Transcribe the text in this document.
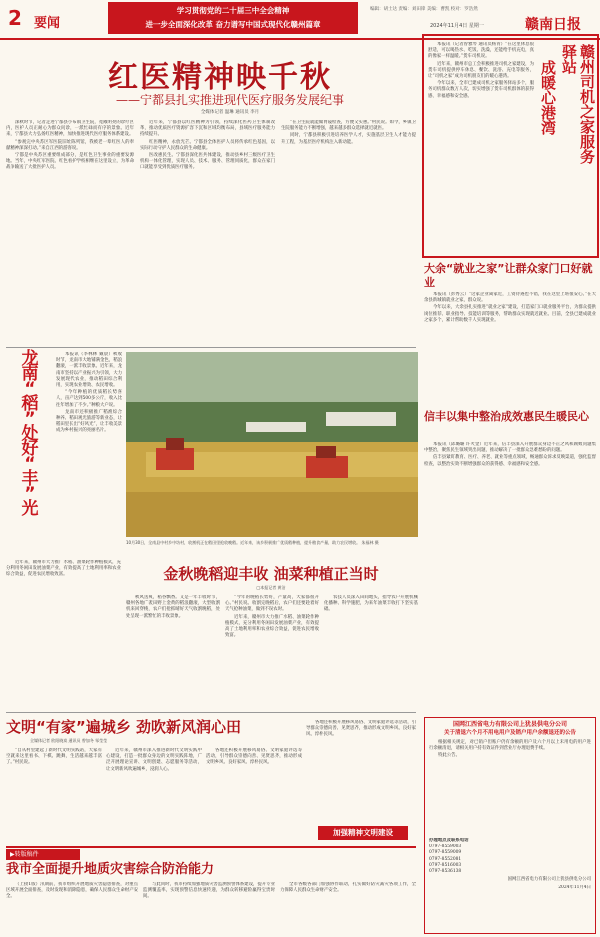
2 要闻
学习贯彻党的二十届三中全会精神
进一步全面深化改革 奋力谱写中国式现代化赣州篇章
编辑：胡士达 责编：刘田锋 美编：曹凯 校对：罗浩然
2024年11月4日 星期一	赣南日报
红医精神映千秋
——宁都县扎实推进现代医疗服务发展纪事
全媒体记者 温琳 通讯员 李月

深秋时节，记者走进宁都县小布镇卫生院，宽敞明亮的诊疗区内，医护人员正耐心为群众问诊，一派忙碌而有序的景象。近年来，宁都县大力弘扬红医精神，加快推进现代医疗服务体系建设。

“参观完中央苏区军医院旧址陈列馆，我被老一辈红医人的奉献精神深深打动。”来自江西的游客说。

宁都是中央苏区重要组成部分，是红色卫生事业的重要发源地。当年，中央红军医院、红色看护学校相继在这里设立，为革命战争输送了大批医护人员。

近年来，宁都县以红医精神为引领，持续深化医药卫生体制改革，推动优质医疗资源扩容下沉和区域均衡布局，县域医疗服务能力持续提升。

红医精神，永放光芒。宁都县全体医护人员将传承红色基因，以实际行动守护人民群众的生命健康。

医改惠民生。宁都县深化医共体建设，推动县乡村三级医疗卫生机构一体化管理，实现人员、技术、服务、管理同质化，群众在家门口就能享受到优质医疗服务。

“在卫生院就能做胃镜检查，方便又实惠。”村民说。如今，乡镇卫生院服务能力不断增强，越来越多群众选择就近就医。

同时，宁都县积极引进培养医学人才，实施基层卫生人才能力提升工程，为基层医疗机构注入新动能。	赣州司机之家服务驿站
成暖心港湾

本报讯（记者曾雅琴 通讯员杨青）“在这里休息很舒适，可以喝热水、吃饭、洗澡，还能给手机充电，真的像家一样温暖。”货车司机说。

近年来，赣州市总工会积极推进司机之家建设，为货车司机提供停车休息、餐饮、洗浴、充电等服务，让“司机之家”成为司机朋友们的暖心港湾。

今年以来，全市已建成司机之家服务驿站多个，服务司机群众数万人次，切实增强了货车司机群体的获得感、幸福感和安全感。

大余“就业之家”让群众家门口好就业

本报讯（彭秀云）“这家企业离家近，工资待遇也不错，我在这里上班很安心。”在大余县新城镇就业之家，群众说。

今年以来，大余县扎实推进“就业之家”建设，打造家门口就业服务平台，为群众提供岗位推荐、职业指导、技能培训等服务，帮助群众实现就近就业。目前，全县已建成就业之家多个，累计帮助数千人实现就业。

信丰以集中整治成效惠民生暖民心

本报讯（邱璐璐 许火金）近年来，信丰县深入开展群众身边不正之风和腐败问题集中整治，聚焦民生领域突出问题，推动解决了一批群众急难愁盼的问题。

信丰县紧盯教育、医疗、养老、就业等重点领域，畅通群众诉求反映渠道，强化监督检查，以整治实效不断增强群众的获得感、幸福感和安全感。

龙
南
“
稻
”
处
好
“
丰
”
光

本报讯（李林林 戴晨）秋收时节，龙南市大地铺满金色，稻浪翻滚，一派丰收景象。近年来，龙南市坚持以产业振兴为引领，大力发展现代农业，推动稻田综合利用，实现农业增效、农民增收。

“今年种植的优质稻长势喜人，亩产达到500多公斤，收入比往年增加了不少。”种粮大户说。

龙南市还积极推广稻渔综合种养、稻田观光旅游等新业态，让稻田里长出“好风光”，让丰收美景成为乡村振兴的亮丽名片。

10月30日，全南县中村乡中坊村，收割机正在稻田里抢收晚稻。近年来，该乡积极推广优质稻种植，提升粮食产量，助力农民增收。 朱福林 摄
金秋晚稻迎丰收 油菜种植正当时
□本报记者 黄洁

秋风送爽，稻谷飘香。又是一年丰收时节，赣州各地广袤田野上金黄的稻浪翻滚，大型收割机来回穿梭，农户们抢抓晴好天气收割晚稻，处处呈现一派繁忙的丰收景象。

“今年的晚稻长势好，产量高，大家都很开心。”村民说。收割完晚稻后，农户们还要趁着好天气抢种油菜，做到不误农时。

近年来，赣州市大力推广水稻、油菜轮作种植模式，充分利用冬闲田发展油菜产业，有效提高了土地利用率和农业综合效益，促进农民增收致富。

农技人员深入田间地头，指导农户开展机械化播种、科学施肥，为来年油菜丰收打下坚实基础。

近年来，赣州市大力推广水稻、油菜轮作种植模式，充分利用冬闲田发展油菜产业，有效提高了土地利用率和农业综合效益，促进农民增收致富。

文明“有家”遍城乡 劲吹新风润心田
全媒体记者 欧阳晓岚 通讯员 曾加冬 邹莹莹

“自从村里建起了新时代文明实践站，大家有空就来这里看书、下棋、跳舞，生活越来越丰富了。”村民说。

近年来，赣州市深入推进新时代文明实践中心建设，打造一批群众身边的文明实践阵地，广泛开展理论宣讲、文明创建、志愿服务等活动，让文明新风吹遍城乡，浸润人心。

各地还积极开展移风易俗、文明家庭评选等活动，引导群众崇德向善、见贤思齐，推动形成文明乡风、良好家风、淳朴民风。

各地还积极开展移风易俗、文明家庭评选等活动，引导群众崇德向善、见贤思齐，推动形成文明乡风、良好家风、淳朴民风。

加强精神文明建设
▶转版稿件
我市全面提升地质灾害综合防治能力

（上接1版）汛期前，我市组织开展地质灾害隐患排查，对重点区域开展全面排查，及时发现和消除隐患，确保人民群众生命财产安全。

与此同时，我市持续加强地质灾害监测预警体系建设，提升专业监测覆盖率，实现预警信息快速传递，为群众转移避险赢得宝贵时间。

全市各级各部门加强协作联动，扎实做好防灾减灾各项工作，全力保障人民群众生命财产安全。

国网江西省电力有限公司上犹县供电分公司
关于清退六个月不用电用户及销户用户余额退还的公告

根据相关规定，对已销户但账户仍有余额的用户及六个月以上未用电的用户进行余额清退，请相关用户持有效证件到营业厅办理退费手续。

特此公告。

办理地点及联系电话
0797-8559003
0797-8559009
0797-8552081
0797-8516003
0797-8536138
国网江西省电力有限公司上犹县供电分公司
2024年11月4日
